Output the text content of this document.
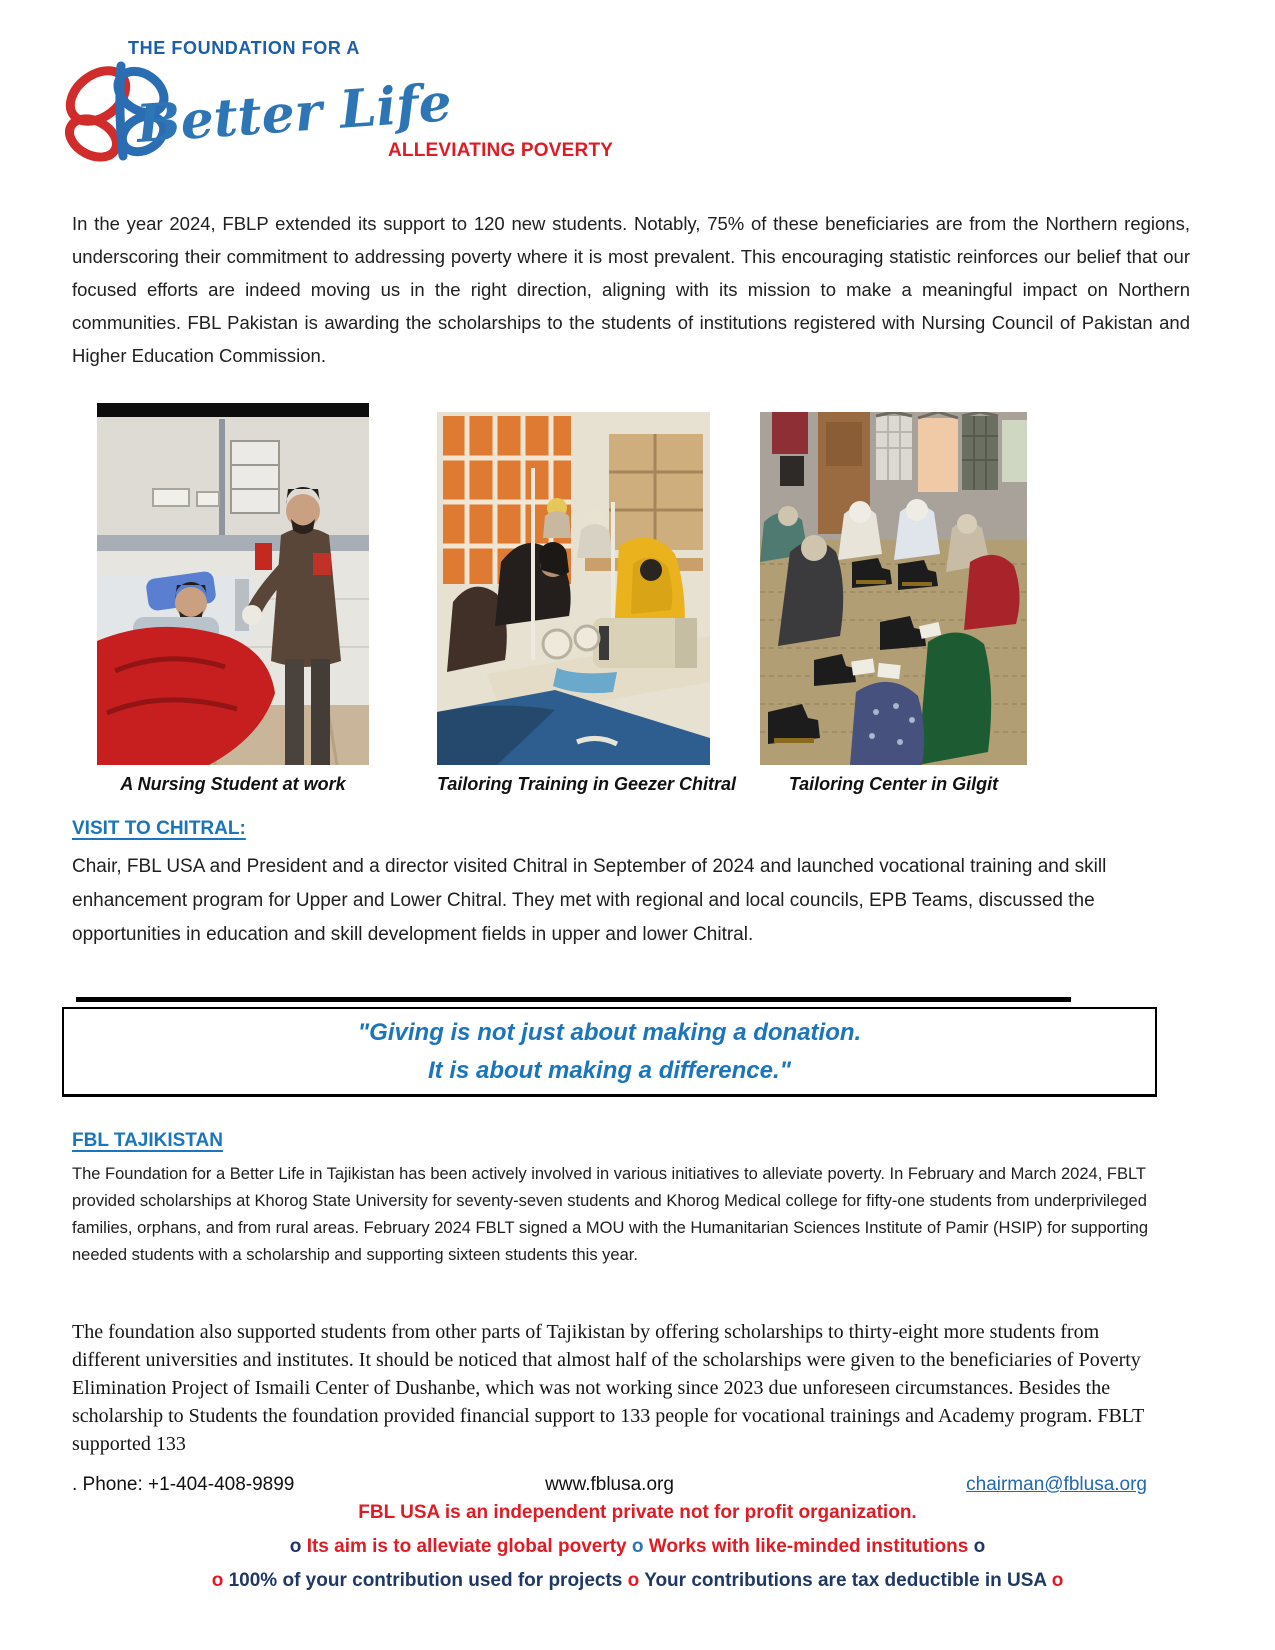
THE FOUNDATION FOR A
Better Life
ALLEVIATING POVERTY

In the year 2024, FBLP extended its support to 120 new students. Notably, 75% of these beneficiaries are from the Northern regions, underscoring their commitment to addressing poverty where it is most prevalent. This encouraging statistic reinforces our belief that our focused efforts are indeed moving us in the right direction, aligning with its mission to make a meaningful impact on Northern communities. FBL Pakistan is awarding the scholarships to the students of institutions registered with Nursing Council of Pakistan and Higher Education Commission.

A Nursing Student at work	Tailoring Training in Geezer Chitral	Tailoring Center in Gilgit
VISIT TO CHITRAL:

Chair, FBL USA and President and a director visited Chitral in September of 2024 and launched vocational training and skill enhancement program for Upper and Lower Chitral. They met with regional and local councils, EPB Teams, discussed the opportunities in education and skill development fields in upper and lower Chitral.

"Giving is not just about making a donation.
It is about making a difference."
FBL TAJIKISTAN

The Foundation for a Better Life in Tajikistan has been actively involved in various initiatives to alleviate poverty. In February and March 2024, FBLT provided scholarships at Khorog State University for seventy-seven students and Khorog Medical college for fifty-one students from underprivileged families, orphans, and from rural areas. February 2024 FBLT signed a MOU with the Humanitarian Sciences Institute of Pamir (HSIP) for supporting needed students with a scholarship and supporting sixteen students this year.

The foundation also supported students from other parts of Tajikistan by offering scholarships to thirty-eight more students from different universities and institutes. It should be noticed that almost half of the scholarships were given to the beneficiaries of Poverty Elimination Project of Ismaili Center of Dushanbe, which was not working since 2023 due unforeseen circumstances. Besides the scholarship to Students the foundation provided financial support to 133 people for vocational trainings and Academy program. FBLT supported 133

. Phone: +1-404-408-9899	www.fblusa.org	chairman@fblusa.org
FBL USA is an independent private not for profit organization.
o Its aim is to alleviate global poverty o Works with like-minded institutions o
o 100% of your contribution used for projects o Your contributions are tax deductible in USA o
